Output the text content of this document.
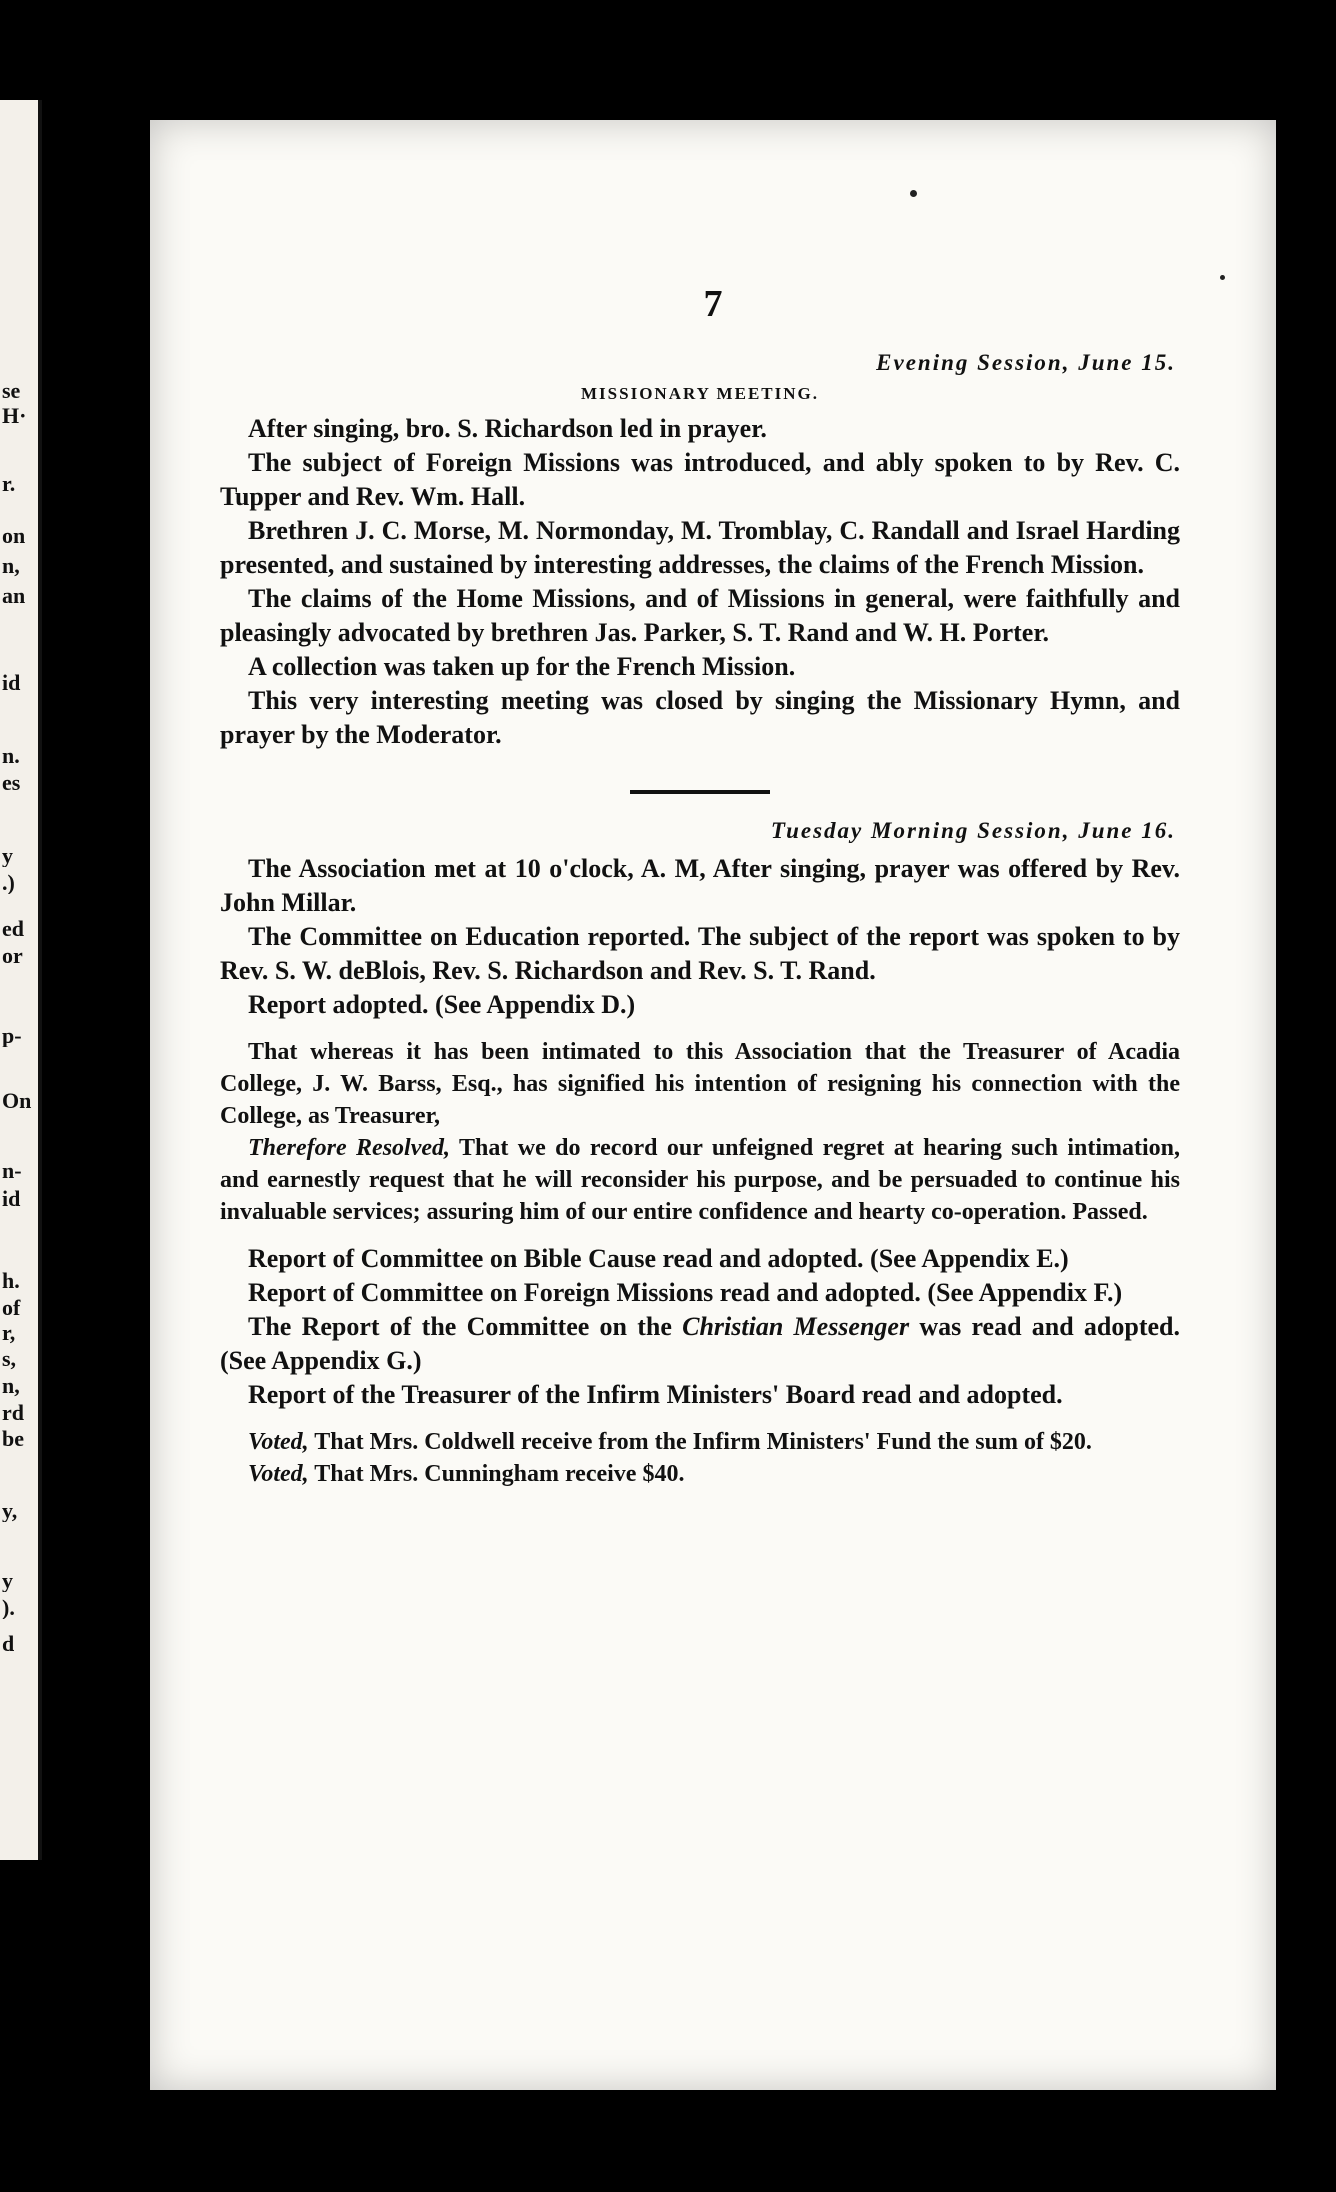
se
H·
r.
on
n,
an
id
n.
es
y
.)
ed
or
p-
On
n-
id
h.
of
r,
s,
n,
rd
be
y,
y
).
d
7
Evening Session, June 15.
MISSIONARY MEETING.

After singing, bro. S. Richardson led in prayer.

The subject of Foreign Missions was introduced, and ably spoken to by Rev. C. Tupper and Rev. Wm. Hall.

Brethren J. C. Morse, M. Normonday, M. Tromblay, C. Randall and Israel Harding presented, and sustained by interesting addresses, the claims of the French Mission.

The claims of the Home Missions, and of Missions in general, were faithfully and pleasingly advocated by brethren Jas. Parker, S. T. Rand and W. H. Porter.

A collection was taken up for the French Mission.

This very interesting meeting was closed by singing the Missionary Hymn, and prayer by the Moderator.

Tuesday Morning Session, June 16.

The Association met at 10 o'clock, A. M, After singing, prayer was offered by Rev. John Millar.

The Committee on Education reported. The subject of the report was spoken to by Rev. S. W. deBlois, Rev. S. Richardson and Rev. S. T. Rand.

Report adopted. (See Appendix D.)

That whereas it has been intimated to this Association that the Treasurer of Acadia College, J. W. Barss, Esq., has signified his intention of resigning his connection with the College, as Treasurer,

Therefore Resolved, That we do record our unfeigned regret at hearing such intimation, and earnestly request that he will reconsider his purpose, and be persuaded to continue his invaluable services; assuring him of our entire confidence and hearty co-operation. Passed.

Report of Committee on Bible Cause read and adopted. (See Appendix E.)

Report of Committee on Foreign Missions read and adopted. (See Appendix F.)

The Report of the Committee on the Christian Messenger was read and adopted. (See Appendix G.)

Report of the Treasurer of the Infirm Ministers' Board read and adopted.

Voted, That Mrs. Coldwell receive from the Infirm Ministers' Fund the sum of $20.

Voted, That Mrs. Cunningham receive $40.
